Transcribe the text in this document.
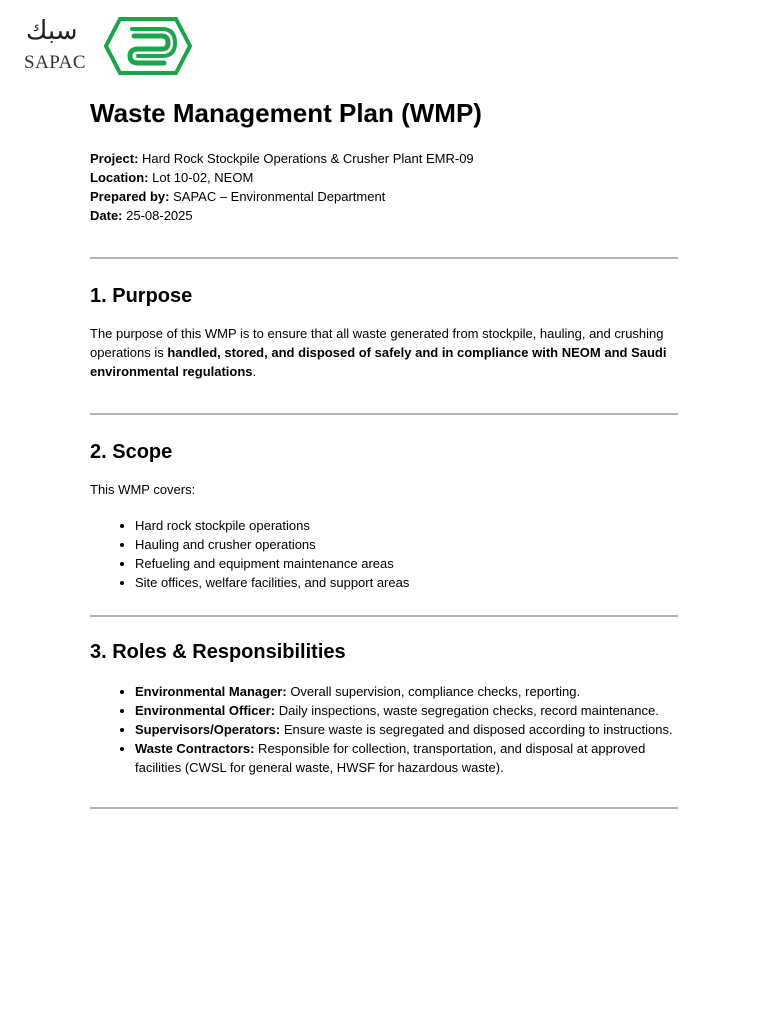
سبك
SAPAC
Waste Management Plan (WMP)
Project: Hard Rock Stockpile Operations & Crusher Plant EMR-09
Location: Lot 10-02, NEOM
Prepared by: SAPAC – Environmental Department
Date: 25-08-2025
1. Purpose

The purpose of this WMP is to ensure that all waste generated from stockpile, hauling, and crushing operations is handled, stored, and disposed of safely and in compliance with NEOM and Saudi environmental regulations.

2. Scope

This WMP covers:

• Hard rock stockpile operations
• Hauling and crusher operations
• Refueling and equipment maintenance areas
• Site offices, welfare facilities, and support areas
3. Roles & Responsibilities
• Environmental Manager: Overall supervision, compliance checks, reporting.
• Environmental Officer: Daily inspections, waste segregation checks, record maintenance.
• Supervisors/Operators: Ensure waste is segregated and disposed according to instructions.
• Waste Contractors: Responsible for collection, transportation, and disposal at approved facilities (CWSL for general waste, HWSF for hazardous waste).
